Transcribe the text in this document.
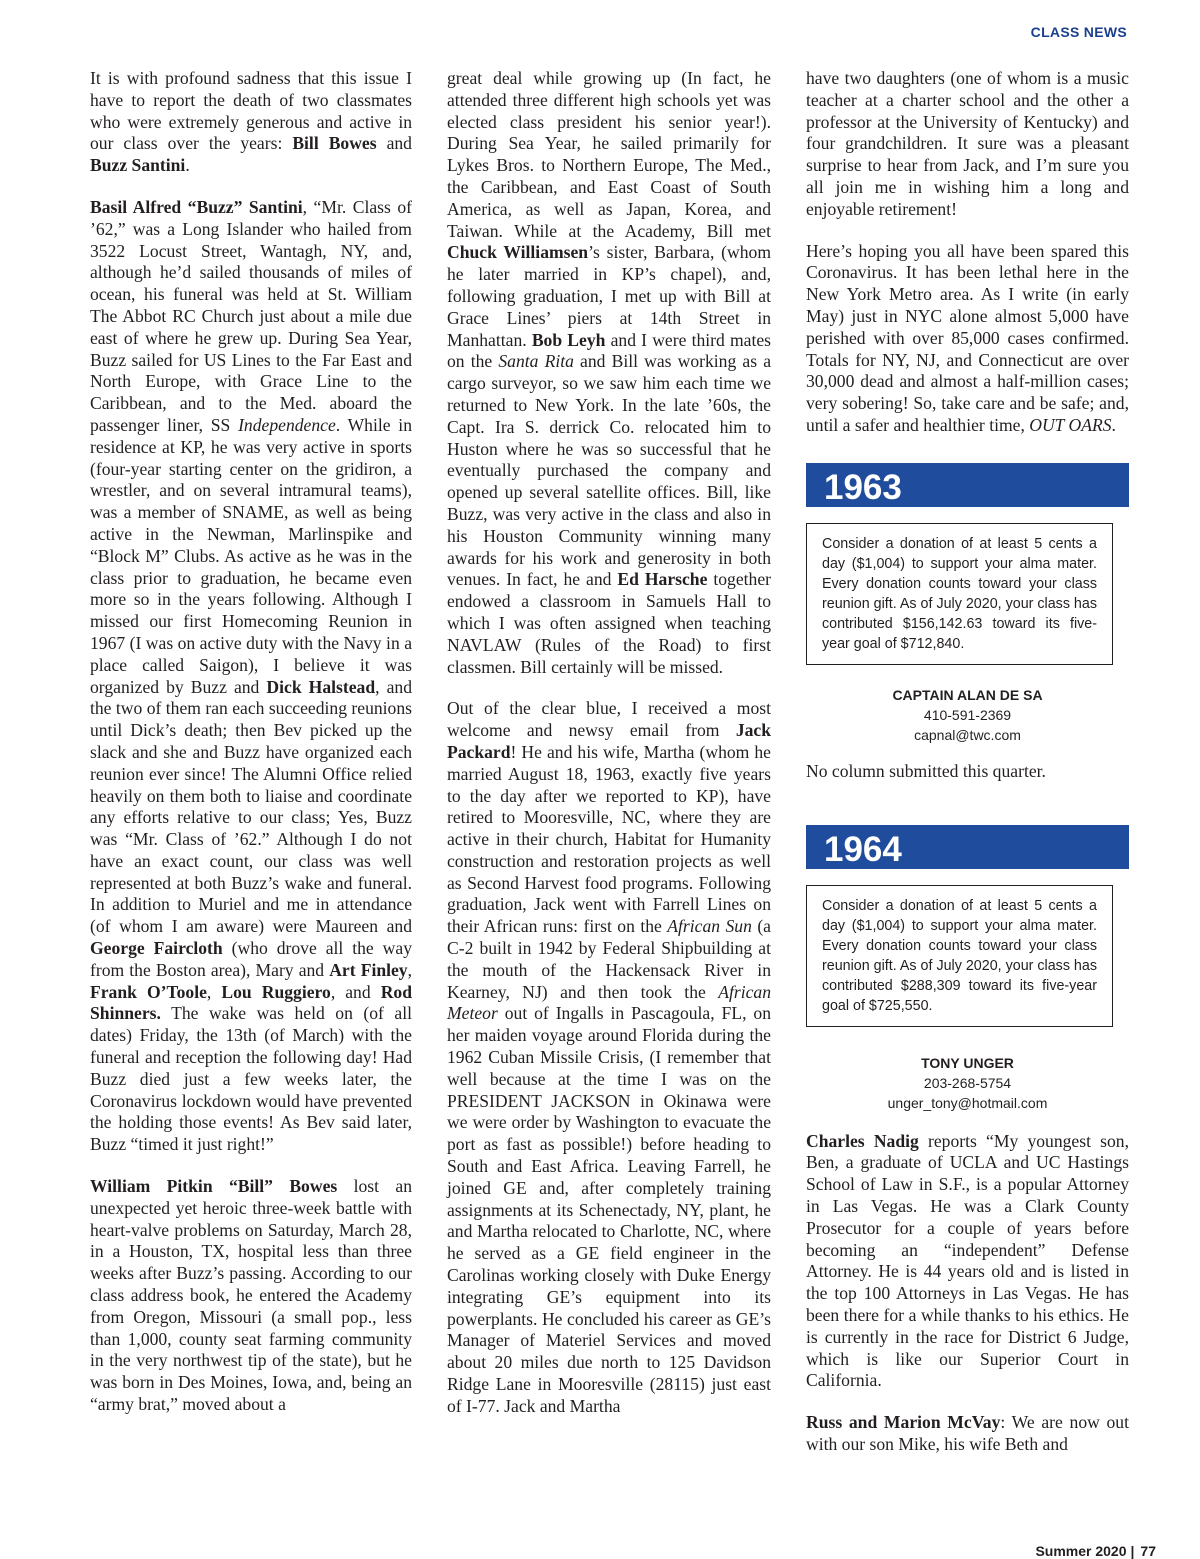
CLASS NEWS

It is with profound sadness that this issue I have to report the death of two classmates who were extremely generous and active in our class over the years: Bill Bowes and Buzz Santini.

Basil Alfred “Buzz” Santini, “Mr. Class of ’62,” was a Long Islander who hailed from 3522 Locust Street, Wantagh, NY, and, although he’d sailed thousands of miles of ocean, his funeral was held at St. William The Abbot RC Church just about a mile due east of where he grew up. During Sea Year, Buzz sailed for US Lines to the Far East and North Europe, with Grace Line to the Caribbean, and to the Med. aboard the passenger liner, SS Independence. While in residence at KP, he was very active in sports (four-year starting center on the gridiron, a wrestler, and on several intramural teams), was a member of SNAME, as well as being active in the Newman, Marlinspike and “Block M” Clubs. As active as he was in the class prior to graduation, he became even more so in the years following. Although I missed our first Homecoming Reunion in 1967 (I was on active duty with the Navy in a place called Saigon), I believe it was organized by Buzz and Dick Halstead, and the two of them ran each succeeding reunions until Dick’s death; then Bev picked up the slack and she and Buzz have organized each reunion ever since! The Alumni Office relied heavily on them both to liaise and coordinate any efforts relative to our class; Yes, Buzz was “Mr. Class of ’62.” Although I do not have an exact count, our class was well represented at both Buzz’s wake and funeral. In addition to Muriel and me in attendance (of whom I am aware) were Maureen and George Faircloth (who drove all the way from the Boston area), Mary and Art Finley, Frank O’Toole, Lou Ruggiero, and Rod Shinners. The wake was held on (of all dates) Friday, the 13th (of March) with the funeral and reception the following day! Had Buzz died just a few weeks later, the Coronavirus lockdown would have prevented the holding those events! As Bev said later, Buzz “timed it just right!”

William Pitkin “Bill” Bowes lost an unexpected yet heroic three-week battle with heart-valve problems on Saturday, March 28, in a Houston, TX, hospital less than three weeks after Buzz’s passing. According to our class address book, he entered the Academy from Oregon, Missouri (a small pop., less than 1,000, county seat farming community in the very northwest tip of the state), but he was born in Des Moines, Iowa, and, being an “army brat,” moved about a

great deal while growing up (In fact, he attended three different high schools yet was elected class president his senior year!). During Sea Year, he sailed primarily for Lykes Bros. to Northern Europe, The Med., the Caribbean, and East Coast of South America, as well as Japan, Korea, and Taiwan. While at the Academy, Bill met Chuck Williamsen’s sister, Barbara, (whom he later married in KP’s chapel), and, following graduation, I met up with Bill at Grace Lines’ piers at 14th Street in Manhattan. Bob Leyh and I were third mates on the Santa Rita and Bill was working as a cargo surveyor, so we saw him each time we returned to New York. In the late ’60s, the Capt. Ira S. derrick Co. relocated him to Huston where he was so successful that he eventually purchased the company and opened up several satellite offices. Bill, like Buzz, was very active in the class and also in his Houston Community winning many awards for his work and generosity in both venues. In fact, he and Ed Harsche together endowed a classroom in Samuels Hall to which I was often assigned when teaching NAVLAW (Rules of the Road) to first classmen. Bill certainly will be missed.

Out of the clear blue, I received a most welcome and newsy email from Jack Packard! He and his wife, Martha (whom he married August 18, 1963, exactly five years to the day after we reported to KP), have retired to Mooresville, NC, where they are active in their church, Habitat for Humanity construction and restoration projects as well as Second Harvest food programs. Following graduation, Jack went with Farrell Lines on their African runs: first on the African Sun (a C-2 built in 1942 by Federal Shipbuilding at the mouth of the Hackensack River in Kearney, NJ) and then took the African Meteor out of Ingalls in Pascagoula, FL, on her maiden voyage around Florida during the 1962 Cuban Missile Crisis, (I remember that well because at the time I was on the PRESIDENT JACKSON in Okinawa were we were order by Washington to evacuate the port as fast as possible!) before heading to South and East Africa. Leaving Farrell, he joined GE and, after completely training assignments at its Schenectady, NY, plant, he and Martha relocated to Charlotte, NC, where he served as a GE field engineer in the Carolinas working closely with Duke Energy integrating GE’s equipment into its powerplants. He concluded his career as GE’s Manager of Materiel Services and moved about 20 miles due north to 125 Davidson Ridge Lane in Mooresville (28115) just east of I-77. Jack and Martha

have two daughters (one of whom is a music teacher at a charter school and the other a professor at the University of Kentucky) and four grandchildren. It sure was a pleasant surprise to hear from Jack, and I’m sure you all join me in wishing him a long and enjoyable retirement!

Here’s hoping you all have been spared this Coronavirus. It has been lethal here in the New York Metro area. As I write (in early May) just in NYC alone almost 5,000 have perished with over 85,000 cases confirmed. Totals for NY, NJ, and Connecticut are over 30,000 dead and almost a half-million cases; very sobering! So, take care and be safe; and, until a safer and healthier time, OUT OARS.

1963
Consider a donation of at least 5 cents a day ($1,004) to support your alma mater. Every donation counts toward your class reunion gift. As of July 2020, your class has contributed $156,142.63 toward its five-year goal of $712,840.
CAPTAIN ALAN DE SA
410-591-2369
capnal@twc.com

No column submitted this quarter.

1964
Consider a donation of at least 5 cents a day ($1,004) to support your alma mater. Every donation counts toward your class reunion gift. As of July 2020, your class has contributed $288,309 toward its five-year goal of $725,550.
TONY UNGER
203-268-5754
unger_tony@hotmail.com

Charles Nadig reports “My youngest son, Ben, a graduate of UCLA and UC Hastings School of Law in S.F., is a popular Attorney in Las Vegas. He was a Clark County Prosecutor for a couple of years before becoming an “independent” Defense Attorney. He is 44 years old and is listed in the top 100 Attorneys in Las Vegas. He has been there for a while thanks to his ethics. He is currently in the race for District 6 Judge, which is like our Superior Court in California.

Russ and Marion McVay: We are now out with our son Mike, his wife Beth and

Summer 2020 | 77
